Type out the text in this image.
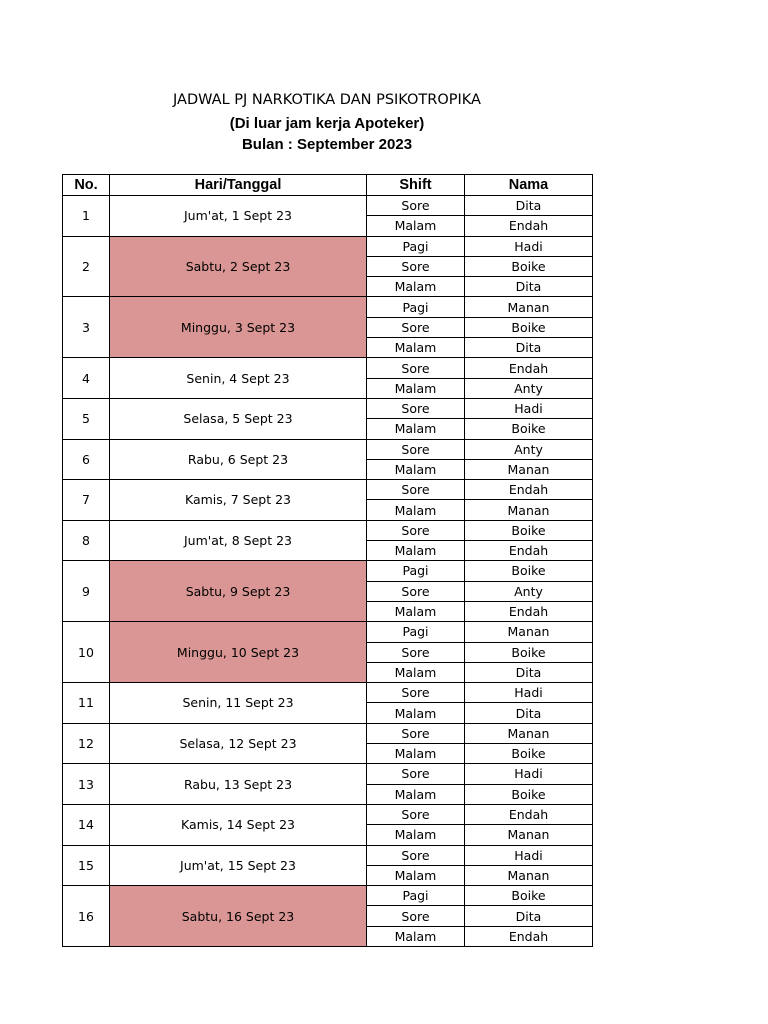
JADWAL PJ NARKOTIKA DAN PSIKOTROPIKA
(Di luar jam kerja Apoteker)
Bulan : September 2023
No.	Hari/Tanggal	Shift	Nama
1	Jum'at, 1 Sept 23	Sore	Dita
		Malam	Endah
2	Sabtu, 2 Sept 23	Pagi	Hadi
		Sore	Boike
		Malam	Dita
3	Minggu, 3 Sept 23	Pagi	Manan
		Sore	Boike
		Malam	Dita
4	Senin, 4 Sept 23	Sore	Endah
		Malam	Anty
5	Selasa, 5 Sept 23	Sore	Hadi
		Malam	Boike
6	Rabu, 6 Sept 23	Sore	Anty
		Malam	Manan
7	Kamis, 7 Sept 23	Sore	Endah
		Malam	Manan
8	Jum'at, 8 Sept 23	Sore	Boike
		Malam	Endah
9	Sabtu, 9 Sept 23	Pagi	Boike
		Sore	Anty
		Malam	Endah
10	Minggu, 10 Sept 23	Pagi	Manan
		Sore	Boike
		Malam	Dita
11	Senin, 11 Sept 23	Sore	Hadi
		Malam	Dita
12	Selasa, 12 Sept 23	Sore	Manan
		Malam	Boike
13	Rabu, 13 Sept 23	Sore	Hadi
		Malam	Boike
14	Kamis, 14 Sept 23	Sore	Endah
		Malam	Manan
15	Jum'at, 15 Sept 23	Sore	Hadi
		Malam	Manan
16	Sabtu, 16 Sept 23	Pagi	Boike
		Sore	Dita
		Malam	Endah
